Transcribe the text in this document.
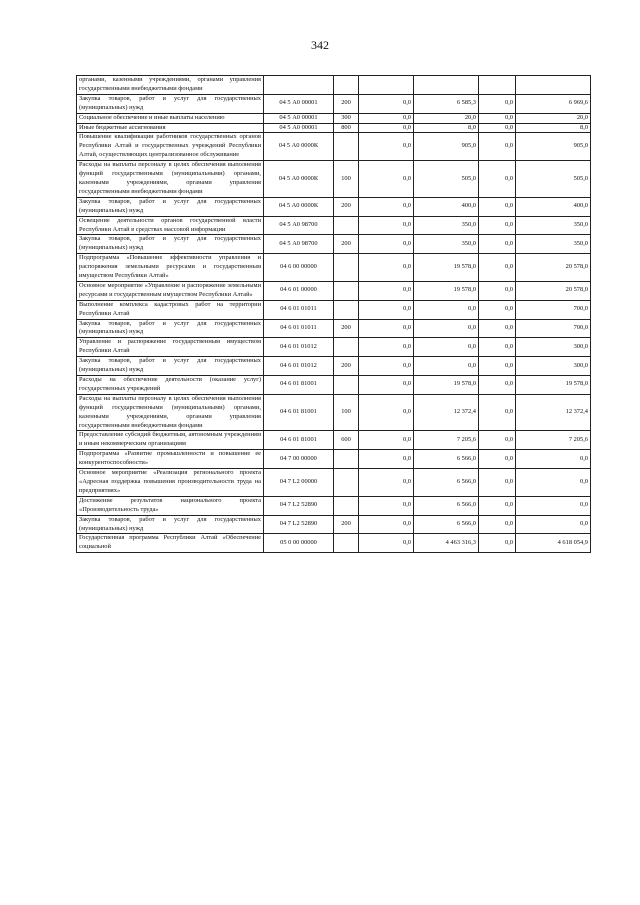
342
органами, казенными учреждениями, органами управления государственными внебюджетными фондами						
Закупка товаров, работ и услуг для государственных (муниципальных) нужд	04 5 А0 00001	200	0,0	6 585,3	0,0	6 969,6
Социальное обеспечение и иные выплаты населению	04 5 А0 00001	300	0,0	20,0	0,0	20,0
Иные бюджетные ассигнования	04 5 А0 00001	800	0,0	8,0	0,0	8,0
Повышение квалификации работников государственных органов Республики Алтай и государственных учреждений Республики Алтай, осуществляющих централизованное обслуживание	04 5 А0 0000К		0,0	905,0	0,0	905,0
Расходы на выплаты персоналу в целях обеспечения выполнения функций государственными (муниципальными) органами, казенными учреждениями, органами управления государственными внебюджетными фондами	04 5 А0 0000К	100	0,0	505,0	0,0	505,0
Закупка товаров, работ и услуг для государственных (муниципальных) нужд	04 5 А0 0000К	200	0,0	400,0	0,0	400,0
Освещение деятельности органов государственной власти Республики Алтай в средствах массовой информации	04 5 А0 98700		0,0	350,0	0,0	350,0
Закупка товаров, работ и услуг для государственных (муниципальных) нужд	04 5 А0 98700	200	0,0	350,0	0,0	350,0
Подпрограмма «Повышение эффективности управления и распоряжения земельными ресурсами и государственным имуществом Республики Алтай»	04 6 00 00000		0,0	19 578,0	0,0	20 578,0
Основное мероприятие «Управление и распоряжение земельными ресурсами и государственным имуществом Республики Алтай»	04 6 01 00000		0,0	19 578,0	0,0	20 578,0
Выполнение комплекса кадастровых работ на территории Республики Алтай	04 6 01 01011		0,0	0,0	0,0	700,0
Закупка товаров, работ и услуг для государственных (муниципальных) нужд	04 6 01 01011	200	0,0	0,0	0,0	700,0
Управление и распоряжение государственным имуществом Республики Алтай	04 6 01 01012		0,0	0,0	0,0	300,0
Закупка товаров, работ и услуг для государственных (муниципальных) нужд	04 6 01 01012	200	0,0	0,0	0,0	300,0
Расходы на обеспечение деятельности (оказание услуг) государственных учреждений	04 6 01 81001		0,0	19 578,0	0,0	19 578,0
Расходы на выплаты персоналу в целях обеспечения выполнения функций государственными (муниципальными) органами, казенными учреждениями, органами управления государственными внебюджетными фондами	04 6 01 81001	100	0,0	12 372,4	0,0	12 372,4
Предоставление субсидий бюджетным, автономным учреждениям и иным некоммерческим организациям	04 6 01 81001	600	0,0	7 205,6	0,0	7 205,6
Подпрограмма «Развитие промышленности и повышение ее конкурентоспособности»	04 7 00 00000		0,0	6 566,0	0,0	0,0
Основное мероприятие «Реализация регионального проекта «Адресная поддержка повышения производительности труда на предприятиях»	04 7 L2 00000		0,0	6 566,0	0,0	0,0
Достижение результатов национального проекта «Производительность труда»	04 7 L2 52890		0,0	6 566,0	0,0	0,0
Закупка товаров, работ и услуг для государственных (муниципальных) нужд	04 7 L2 52890	200	0,0	6 566,0	0,0	0,0
Государственная программа Республики Алтай «Обеспечение социальной	05 0 00 00000		0,0	4 463 316,3	0,0	4 618 054,9
